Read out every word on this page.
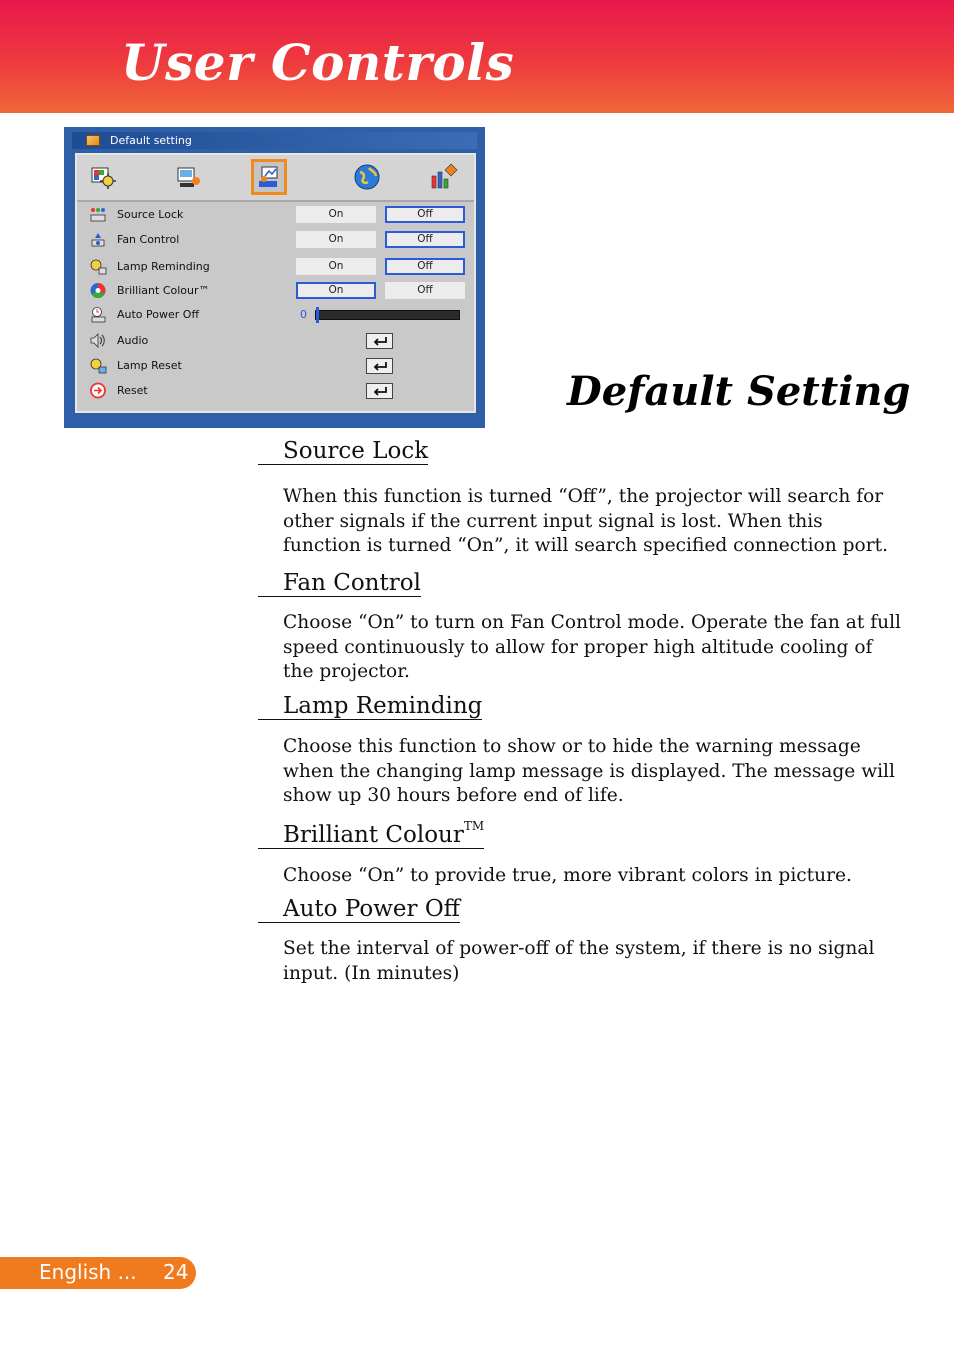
User Controls
Default setting
Source Lock	On	Off
Fan Control	On	Off
Lamp Reminding	On	Off
Brilliant Colour™	On	Off
Auto Power Off	0
Audio
Lamp Reset
Reset	Default Setting
Source Lock
When this function is turned “Off”, the projector will search for other signals if the current input signal is lost. When this function is turned “On”, it will search specified connection port.
Fan Control
Choose “On” to turn on Fan Control mode. Operate the fan at full speed continuously to allow for proper high altitude cooling of the projector.
Lamp Reminding
Choose this function to show or to hide the warning message when the changing lamp message is displayed. The message will show up 30 hours before end of life.
Brilliant Colour™
Choose “On” to provide true, more vibrant colors in picture.
Auto Power Off
Set the interval of power-off of the system, if there is no signal input. (In minutes)
English ... 24
